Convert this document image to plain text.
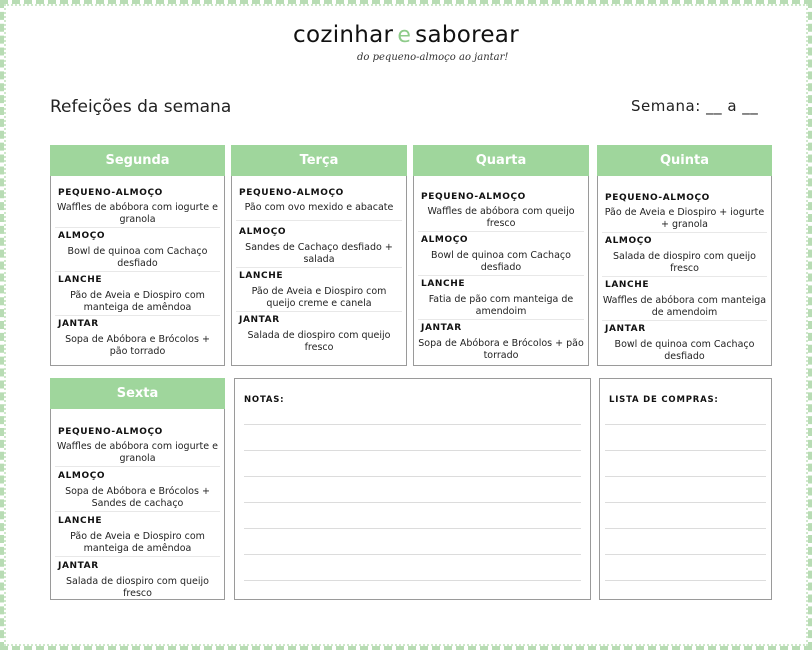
cozinhar e saborear
do pequeno-almoço ao jantar!
Refeições da semana	Semana: __ a __
Segunda
PEQUENO-ALMOÇO
Waffles de abóbora com iogurte e granola
ALMOÇO
Bowl de quinoa com Cachaço desfiado
LANCHE
Pão de Aveia e Diospiro com manteiga de amêndoa
JANTAR
Sopa de Abóbora e Brócolos + pão torrado
Terça
PEQUENO-ALMOÇO
Pão com ovo mexido e abacate
ALMOÇO
Sandes de Cachaço desfiado + salada
LANCHE
Pão de Aveia e Diospiro com queijo creme e canela
JANTAR
Salada de diospiro com queijo fresco
Quarta
PEQUENO-ALMOÇO
Waffles de abóbora com queijo fresco
ALMOÇO
Bowl de quinoa com Cachaço desfiado
LANCHE
Fatia de pão com manteiga de amendoim
JANTAR
Sopa de Abóbora e Brócolos + pão torrado
Quinta
PEQUENO-ALMOÇO
Pão de Aveia e Diospiro + iogurte + granola
ALMOÇO
Salada de diospiro com queijo fresco
LANCHE
Waffles de abóbora com manteiga de amendoim
JANTAR
Bowl de quinoa com Cachaço desfiado
Sexta
PEQUENO-ALMOÇO
Waffles de abóbora com iogurte e granola
ALMOÇO
Sopa de Abóbora e Brócolos + Sandes de cachaço
LANCHE
Pão de Aveia e Diospiro com manteiga de amêndoa
JANTAR
Salada de diospiro com queijo fresco
NOTAS:	LISTA DE COMPRAS:
